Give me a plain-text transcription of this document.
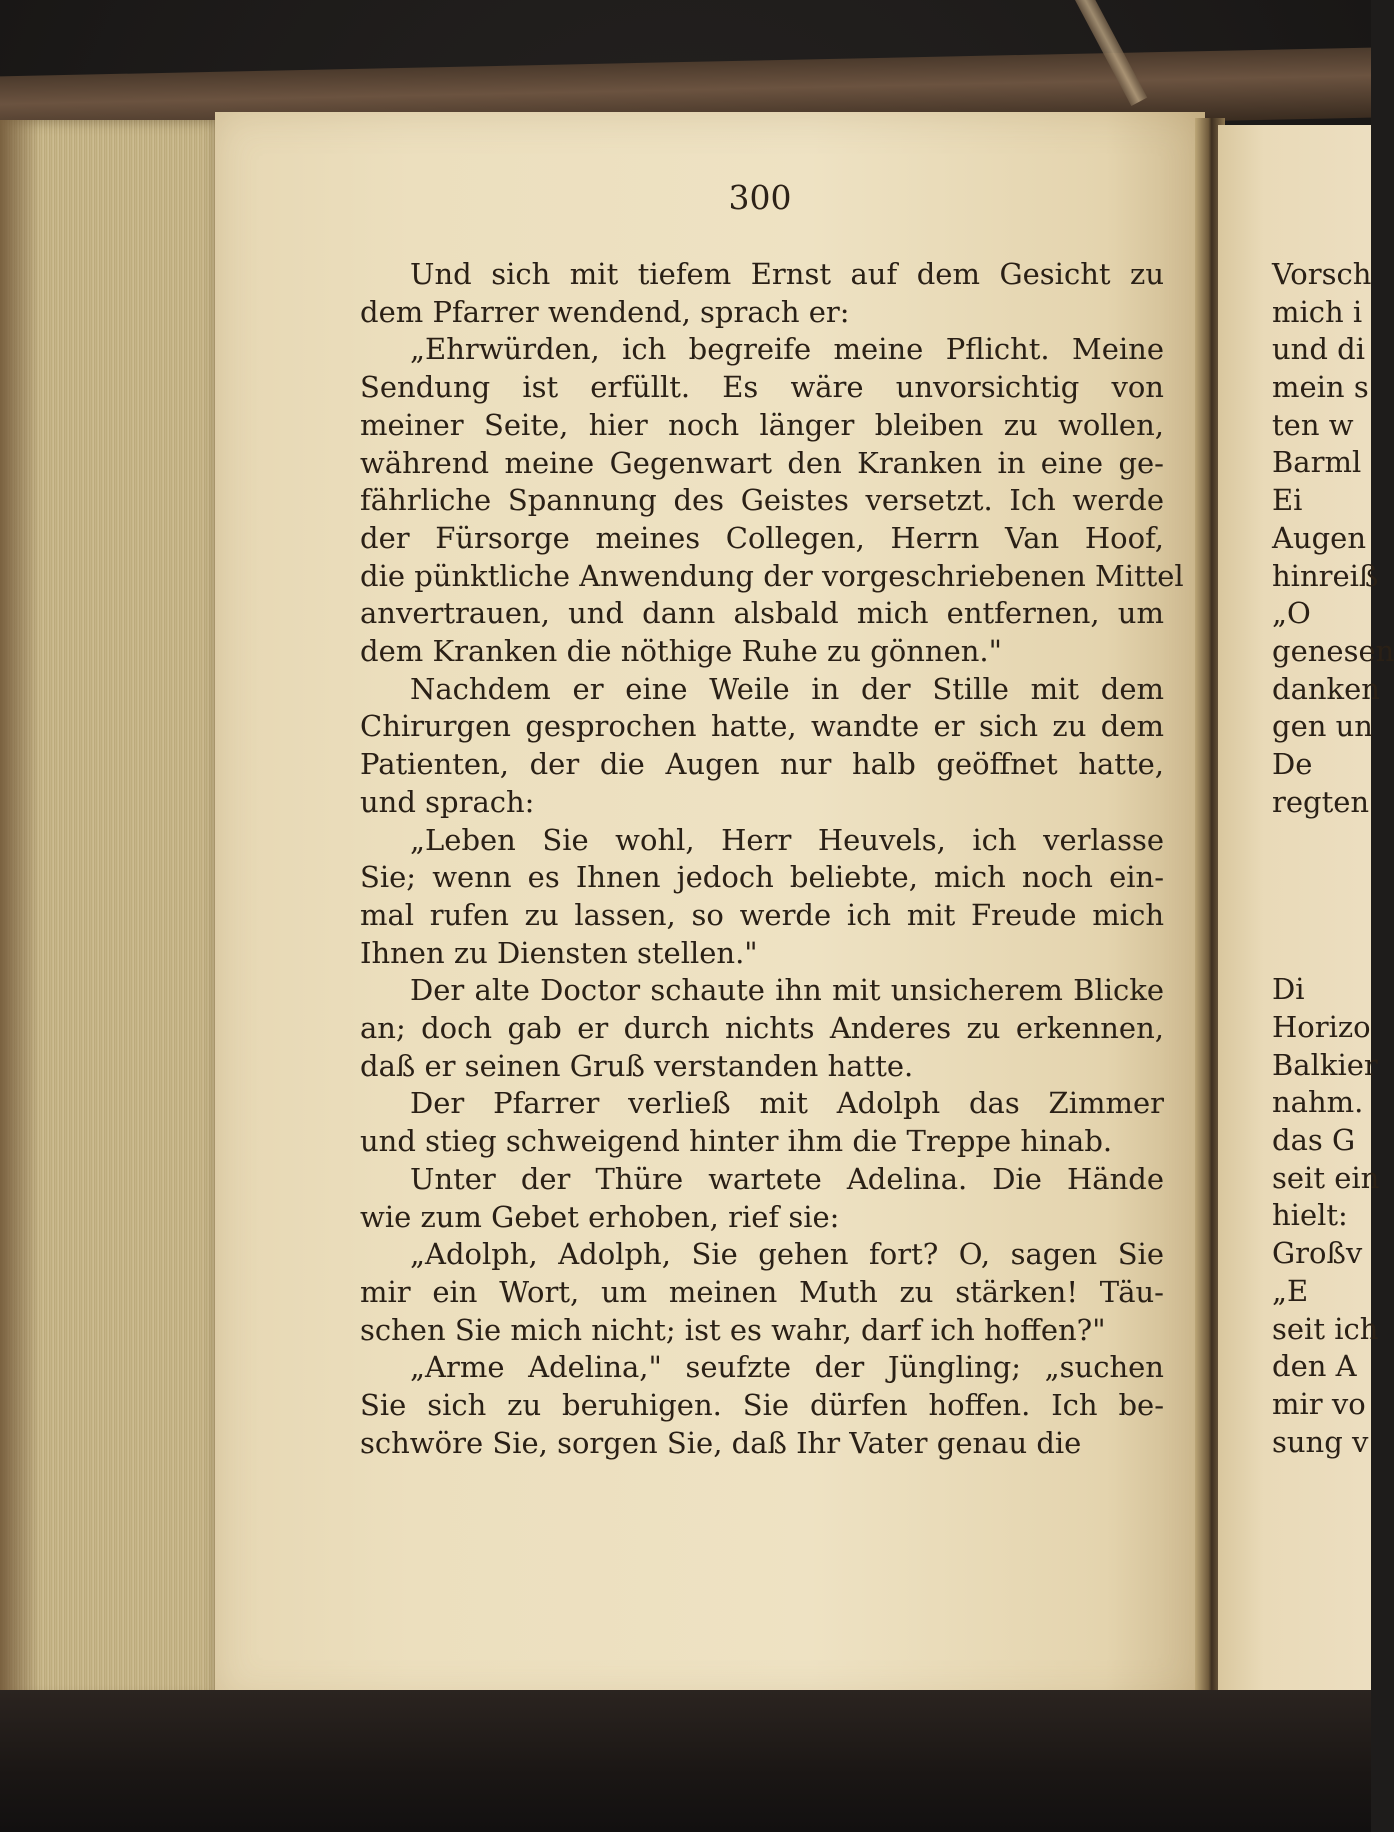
300
Und sich mit tiefem Ernst auf dem Gesicht zu
dem Pfarrer wendend, sprach er:
„Ehrwürden, ich begreife meine Pflicht. Meine
Sendung ist erfüllt. Es wäre unvorsichtig von
meiner Seite, hier noch länger bleiben zu wollen,
während meine Gegenwart den Kranken in eine ge-
fährliche Spannung des Geistes versetzt. Ich werde
der Fürsorge meines Collegen, Herrn Van Hoof,
die pünktliche Anwendung der vorgeschriebenen Mittel
anvertrauen, und dann alsbald mich entfernen, um
dem Kranken die nöthige Ruhe zu gönnen."
Nachdem er eine Weile in der Stille mit dem
Chirurgen gesprochen hatte, wandte er sich zu dem
Patienten, der die Augen nur halb geöffnet hatte,
und sprach:
„Leben Sie wohl, Herr Heuvels, ich verlasse
Sie; wenn es Ihnen jedoch beliebte, mich noch ein-
mal rufen zu lassen, so werde ich mit Freude mich
Ihnen zu Diensten stellen."
Der alte Doctor schaute ihn mit unsicherem Blicke
an; doch gab er durch nichts Anderes zu erkennen,
daß er seinen Gruß verstanden hatte.
Der Pfarrer verließ mit Adolph das Zimmer
und stieg schweigend hinter ihm die Treppe hinab.
Unter der Thüre wartete Adelina. Die Hände
wie zum Gebet erhoben, rief sie:
„Adolph, Adolph, Sie gehen fort? O, sagen Sie
mir ein Wort, um meinen Muth zu stärken! Täu-
schen Sie mich nicht; ist es wahr, darf ich hoffen?"
„Arme Adelina," seufzte der Jüngling; „suchen
Sie sich zu beruhigen. Sie dürfen hoffen. Ich be-
schwöre Sie, sorgen Sie, daß Ihr Vater genau die
Vorsch
mich i
und di
mein s
ten w
Barml
Ei
Augen
hinreiß
„O
genesen
danken
gen un
De
regten
Di
Horizo
Balkier
nahm.
das G
seit ein
hielt:
Großv
„E
seit ich
den A
mir vo
sung v
